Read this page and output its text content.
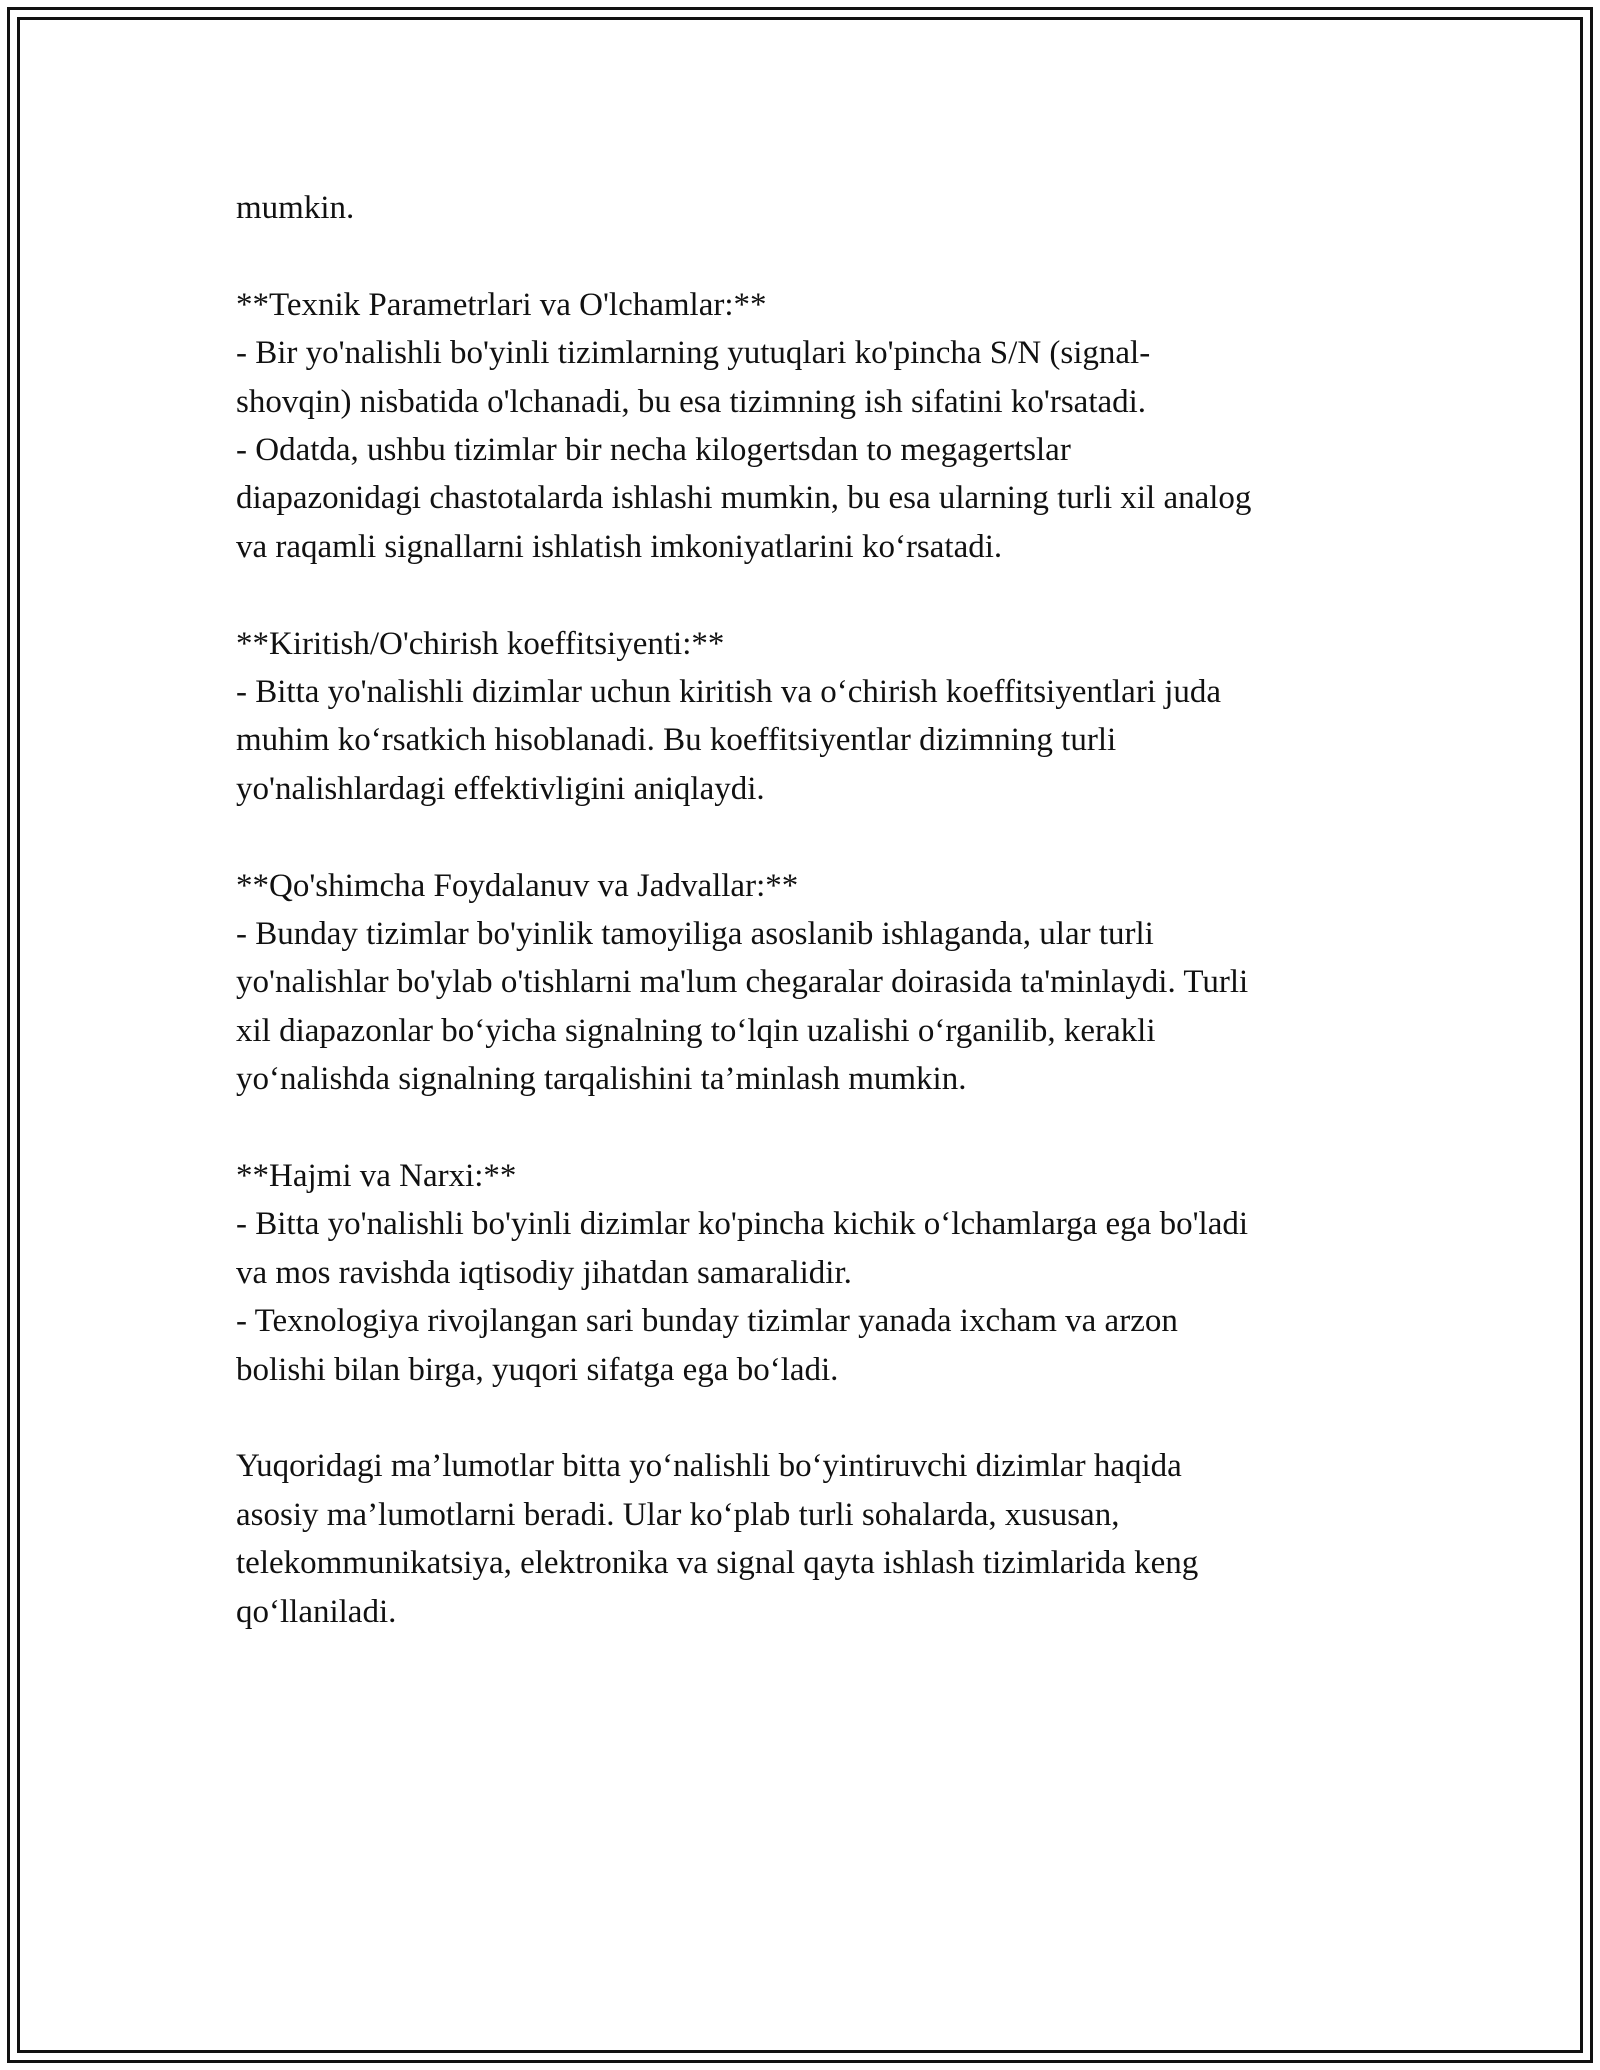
mumkin.

**Texnik Parametrlari va O'lchamlar:**
- Bir yo'nalishli bo'yinli tizimlarning yutuqlari ko'pincha S/N (signal-
shovqin) nisbatida o'lchanadi, bu esa tizimning ish sifatini ko'rsatadi.
- Odatda, ushbu tizimlar bir necha kilogertsdan to megagertslar
diapazonidagi chastotalarda ishlashi mumkin, bu esa ularning turli xil analog
va raqamli signallarni ishlatish imkoniyatlarini ko‘rsatadi.

**Kiritish/O'chirish koeffitsiyenti:**
- Bitta yo'nalishli dizimlar uchun kiritish va o‘chirish koeffitsiyentlari juda
muhim ko‘rsatkich hisoblanadi. Bu koeffitsiyentlar dizimning turli
yo'nalishlardagi effektivligini aniqlaydi.

**Qo'shimcha Foydalanuv va Jadvallar:**
- Bunday tizimlar bo'yinlik tamoyiliga asoslanib ishlaganda, ular turli
yo'nalishlar bo'ylab o'tishlarni ma'lum chegaralar doirasida ta'minlaydi. Turli
xil diapazonlar bo‘yicha signalning to‘lqin uzalishi o‘rganilib, kerakli
yo‘nalishda signalning tarqalishini ta’minlash mumkin.

**Hajmi va Narxi:**
- Bitta yo'nalishli bo'yinli dizimlar ko'pincha kichik o‘lchamlarga ega bo'ladi
va mos ravishda iqtisodiy jihatdan samaralidir.
- Texnologiya rivojlangan sari bunday tizimlar yanada ixcham va arzon
bolishi bilan birga, yuqori sifatga ega bo‘ladi.

Yuqoridagi ma’lumotlar bitta yo‘nalishli bo‘yintiruvchi dizimlar haqida
asosiy ma’lumotlarni beradi. Ular ko‘plab turli sohalarda, xususan,
telekommunikatsiya, elektronika va signal qayta ishlash tizimlarida keng
qo‘llaniladi.
